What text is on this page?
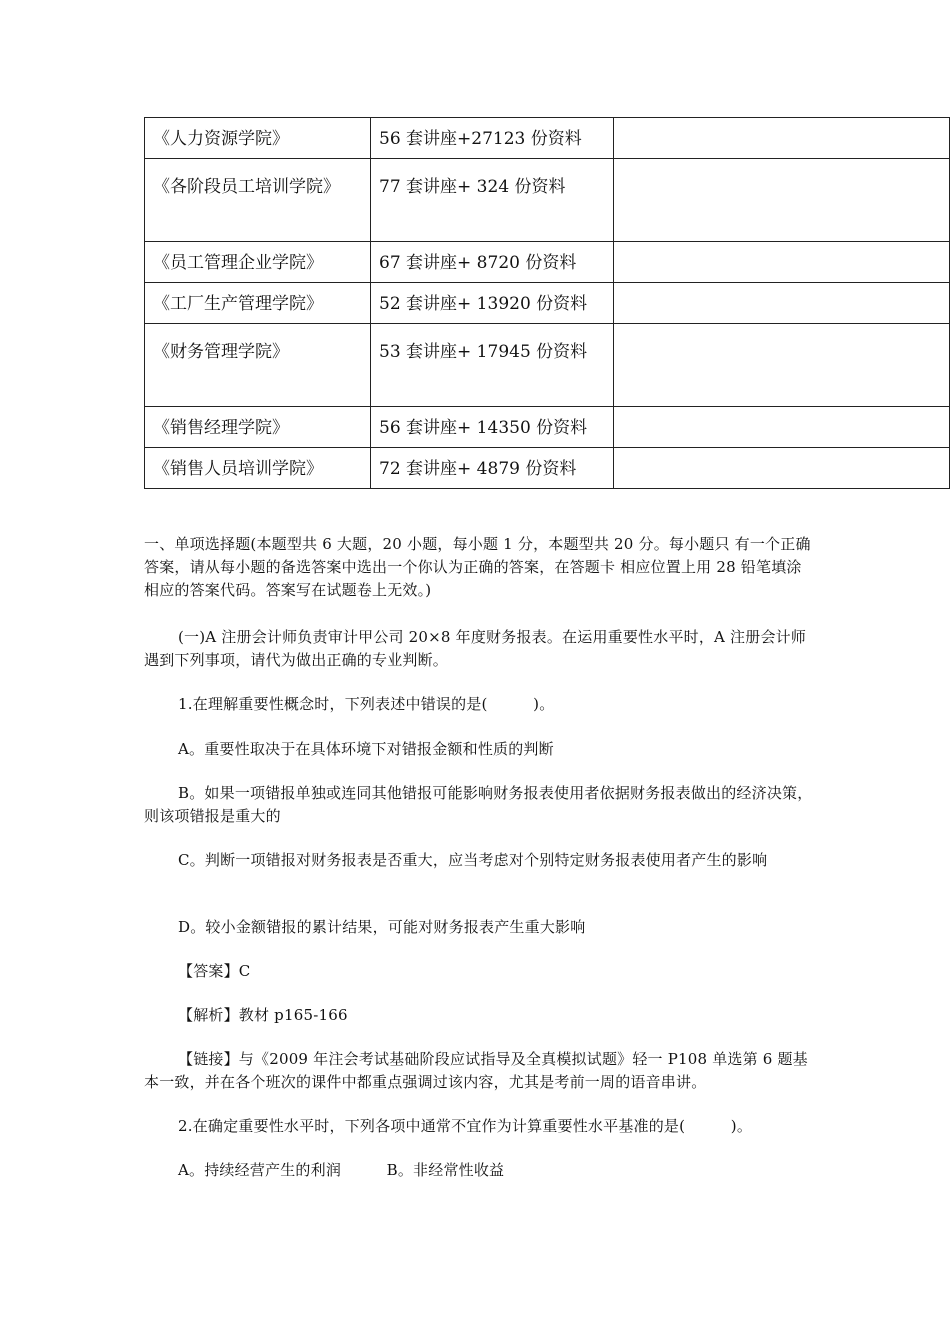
《人力资源学院》	56 套讲座+27123 份资料	
《各阶段员工培训学院》	77 套讲座+ 324 份资料	
《员工管理企业学院》	67 套讲座+ 8720 份资料	
《工厂生产管理学院》	52 套讲座+ 13920 份资料	
《财务管理学院》	53 套讲座+ 17945 份资料	
《销售经理学院》	56 套讲座+ 14350 份资料	
《销售人员培训学院》	72 套讲座+ 4879 份资料	
一、单项选择题(本题型共 6 大题，20 小题，每小题 1 分，本题型共 20 分。每小题只 有一个正确答案，请从每小题的备选答案中选出一个你认为正确的答案，在答题卡 相应位置上用 28 铅笔填涂相应的答案代码。答案写在试题卷上无效。)
(一)A 注册会计师负责审计甲公司 20×8 年度财务报表。在运用重要性水平时，A 注册会计师遇到下列事项，请代为做出正确的专业判断。
1.在理解重要性概念时，下列表述中错误的是(　　　)。
A。重要性取决于在具体环境下对错报金额和性质的判断
B。如果一项错报单独或连同其他错报可能影响财务报表使用者依据财务报表做出的经济决策，则该项错报是重大的
C。判断一项错报对财务报表是否重大，应当考虑对个别特定财务报表使用者产生的影响
D。较小金额错报的累计结果，可能对财务报表产生重大影响
【答案】C
【解析】教材 p165-166
【链接】与《2009 年注会考试基础阶段应试指导及全真模拟试题》轻一 P108 单选第 6 题基本一致，并在各个班次的课件中都重点强调过该内容，尤其是考前一周的语音串讲。
2.在确定重要性水平时，下列各项中通常不宜作为计算重要性水平基准的是(　　　)。
A。持续经营产生的利润　　　B。非经常性收益
